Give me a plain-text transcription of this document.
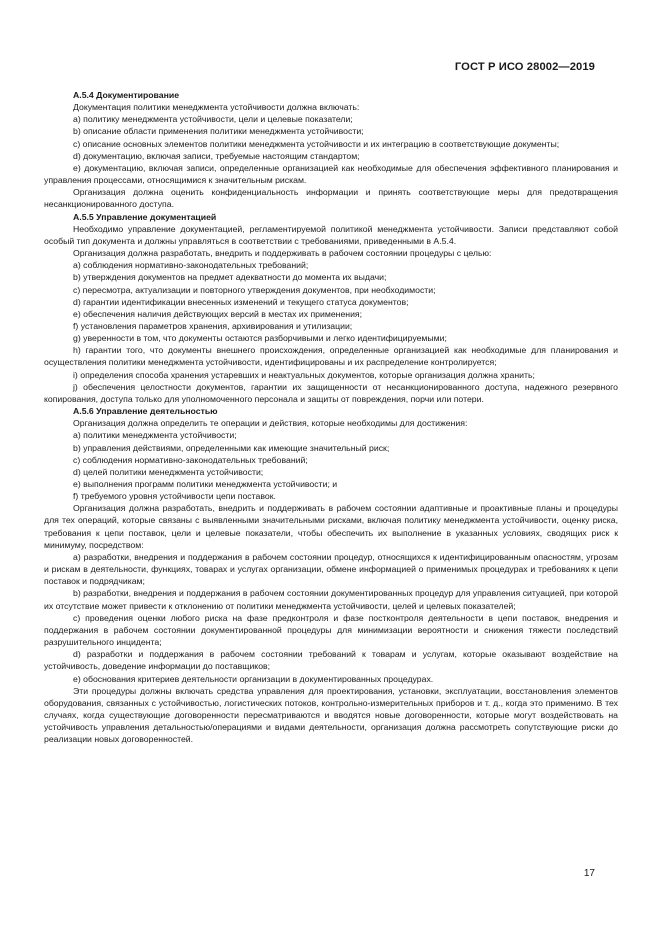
ГОСТ Р ИСО 28002—2019

А.5.4 Документирование

Документация политики менеджмента устойчивости должна включать:

а) политику менеджмента устойчивости, цели и целевые показатели;

b) описание области применения политики менеджмента устойчивости;

с) описание основных элементов политики менеджмента устойчивости и их интеграцию в соответствующие документы;

d) документацию, включая записи, требуемые настоящим стандартом;

е) документацию, включая записи, определенные организацией как необходимые для обеспечения эффективного планирования и управления процессами, относящимися к значительным рискам.

Организация должна оценить конфиденциальность информации и принять соответствующие меры для предотвращения несанкционированного доступа.

А.5.5 Управление документацией

Необходимо управление документацией, регламентируемой политикой менеджмента устойчивости. Записи представляют собой особый тип документа и должны управляться в соответствии с требованиями, приведенными в А.5.4.

Организация должна разработать, внедрить и поддерживать в рабочем состоянии процедуры с целью:

а) соблюдения нормативно-законодательных требований;

b) утверждения документов на предмет адекватности до момента их выдачи;

с) пересмотра, актуализации и повторного утверждения документов, при необходимости;

d) гарантии идентификации внесенных изменений и текущего статуса документов;

е) обеспечения наличия действующих версий в местах их применения;

f) установления параметров хранения, архивирования и утилизации;

g) уверенности в том, что документы остаются разборчивыми и легко идентифицируемыми;

h) гарантии того, что документы внешнего происхождения, определенные организацией как необходимые для планирования и осуществления политики менеджмента устойчивости, идентифицированы и их распределение контролируется;

i) определения способа хранения устаревших и неактуальных документов, которые организация должна хранить;

j) обеспечения целостности документов, гарантии их защищенности от несанкционированного доступа, надежного резервного копирования, доступа только для уполномоченного персонала и защиты от повреждения, порчи или потери.

А.5.6 Управление деятельностью

Организация должна определить те операции и действия, которые необходимы для достижения:

а) политики менеджмента устойчивости;

b) управления действиями, определенными как имеющие значительный риск;

с) соблюдения нормативно-законодательных требований;

d) целей политики менеджмента устойчивости;

е) выполнения программ политики менеджмента устойчивости; и

f) требуемого уровня устойчивости цепи поставок.

Организация должна разработать, внедрить и поддерживать в рабочем состоянии адаптивные и проактивные планы и процедуры для тех операций, которые связаны с выявленными значительными рисками, включая политику менеджмента устойчивости, оценку риска, требования к цепи поставок, цели и целевые показатели, чтобы обеспечить их выполнение в указанных условиях, сводящих риск к минимуму, посредством:

а) разработки, внедрения и поддержания в рабочем состоянии процедур, относящихся к идентифицированным опасностям, угрозам и рискам в деятельности, функциях, товарах и услугах организации, обмене информацией о применимых процедурах и требованиях к цепи поставок и подрядчикам;

b) разработки, внедрения и поддержания в рабочем состоянии документированных процедур для управления ситуацией, при которой их отсутствие может привести к отклонению от политики менеджмента устойчивости, целей и целевых показателей;

с) проведения оценки любого риска на фазе предконтроля и фазе постконтроля деятельности в цепи поставок, внедрения и поддержания в рабочем состоянии документированной процедуры для минимизации вероятности и снижения тяжести последствий разрушительного инцидента;

d) разработки и поддержания в рабочем состоянии требований к товарам и услугам, которые оказывают воздействие на устойчивость, доведение информации до поставщиков;

е) обоснования критериев деятельности организации в документированных процедурах.

Эти процедуры должны включать средства управления для проектирования, установки, эксплуатации, восстановления элементов оборудования, связанных с устойчивостью, логистических потоков, контрольно-измерительных приборов и т. д., когда это применимо. В тех случаях, когда существующие договоренности пересматриваются и вводятся новые договоренности, которые могут воздействовать на устойчивость управления детальностью/операциями и видами деятельности, организация должна рассмотреть сопутствующие риски до реализации новых договоренностей.

17
